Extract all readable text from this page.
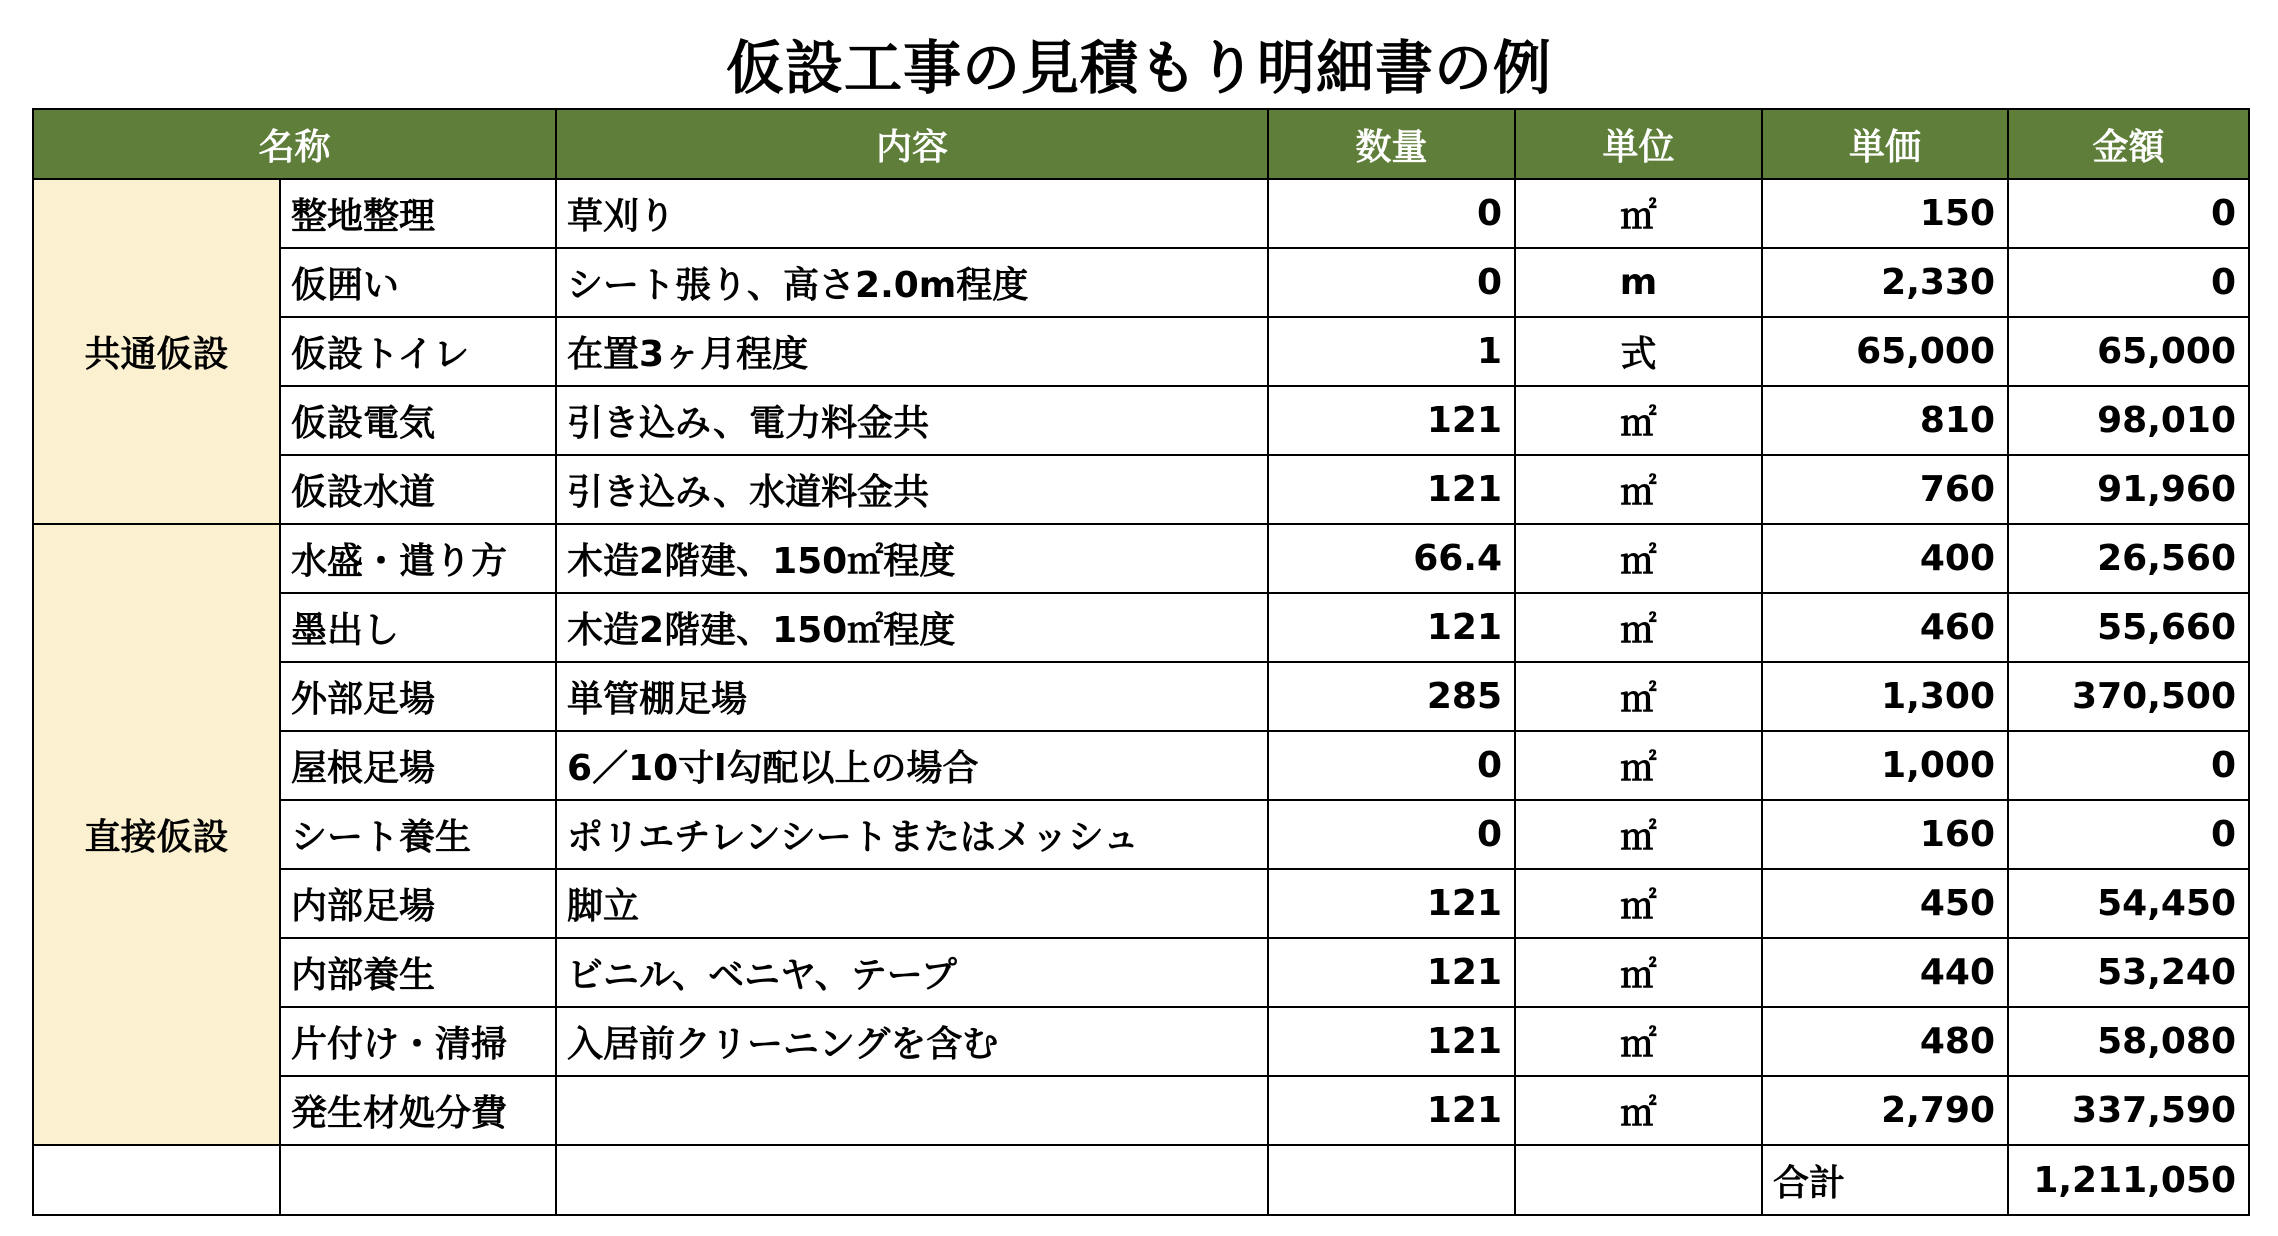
仮設工事の見積もり明細書の例
名称		内容	数量	単位	単価	金額
共通仮設	整地整理	草刈り	0	㎡	150	0
	仮囲い	シート張り、高さ2.0m程度	0	m	2,330	0
	仮設トイレ	在置3ヶ月程度	1	式	65,000	65,000
	仮設電気	引き込み、電力料金共	121	㎡	810	98,010
	仮設水道	引き込み、水道料金共	121	㎡	760	91,960
直接仮設	水盛・遣り方	木造2階建、150㎡程度	66.4	㎡	400	26,560
	墨出し	木造2階建、150㎡程度	121	㎡	460	55,660
	外部足場	単管棚足場	285	㎡	1,300	370,500
	屋根足場	6／10寸l勾配以上の場合	0	㎡	1,000	0
	シート養生	ポリエチレンシートまたはメッシュ	0	㎡	160	0
	内部足場	脚立	121	㎡	450	54,450
	内部養生	ビニル、ベニヤ、テープ	121	㎡	440	53,240
	片付け・清掃	入居前クリーニングを含む	121	㎡	480	58,080
	発生材処分費		121	㎡	2,790	337,590
					合計	1,211,050
